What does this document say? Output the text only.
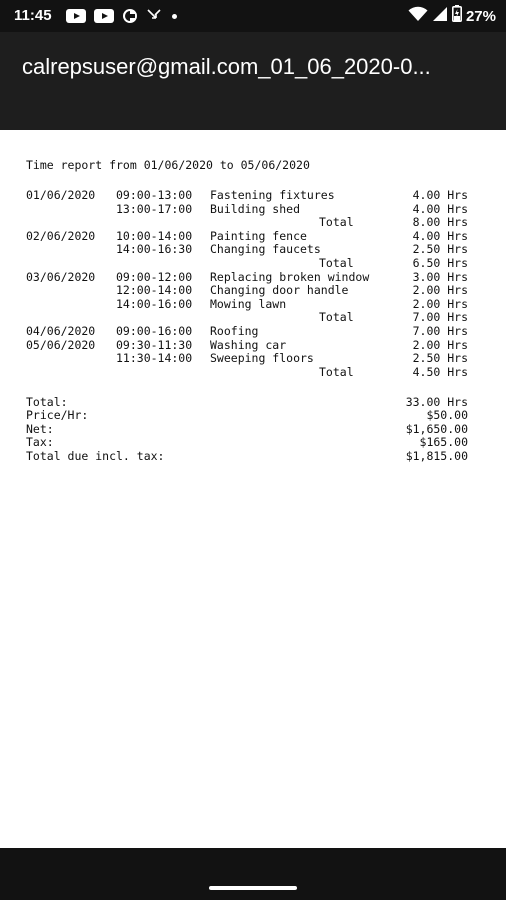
11:45	27%
calrepsuser@gmail.com_01_06_2020-0...
Time report from 01/06/2020 to 05/06/2020
01/06/2020 09:00-13:00 Fastening fixtures	4.00 Hrs
13:00-17:00 Building shed	4.00 Hrs
Total	8.00 Hrs
02/06/2020 10:00-14:00 Painting fence	4.00 Hrs
14:00-16:30 Changing faucets	2.50 Hrs
Total	6.50 Hrs
03/06/2020 09:00-12:00 Replacing broken window	3.00 Hrs
12:00-14:00 Changing door handle	2.00 Hrs
14:00-16:00 Mowing lawn	2.00 Hrs
Total	7.00 Hrs
04/06/2020 09:00-16:00 Roofing	7.00 Hrs
05/06/2020 09:30-11:30 Washing car	2.00 Hrs
11:30-14:00 Sweeping floors	2.50 Hrs
Total	4.50 Hrs
Total:	33.00 Hrs
Price/Hr:	$50.00
Net:	$1,650.00
Tax:	$165.00
Total due incl. tax:	$1,815.00
